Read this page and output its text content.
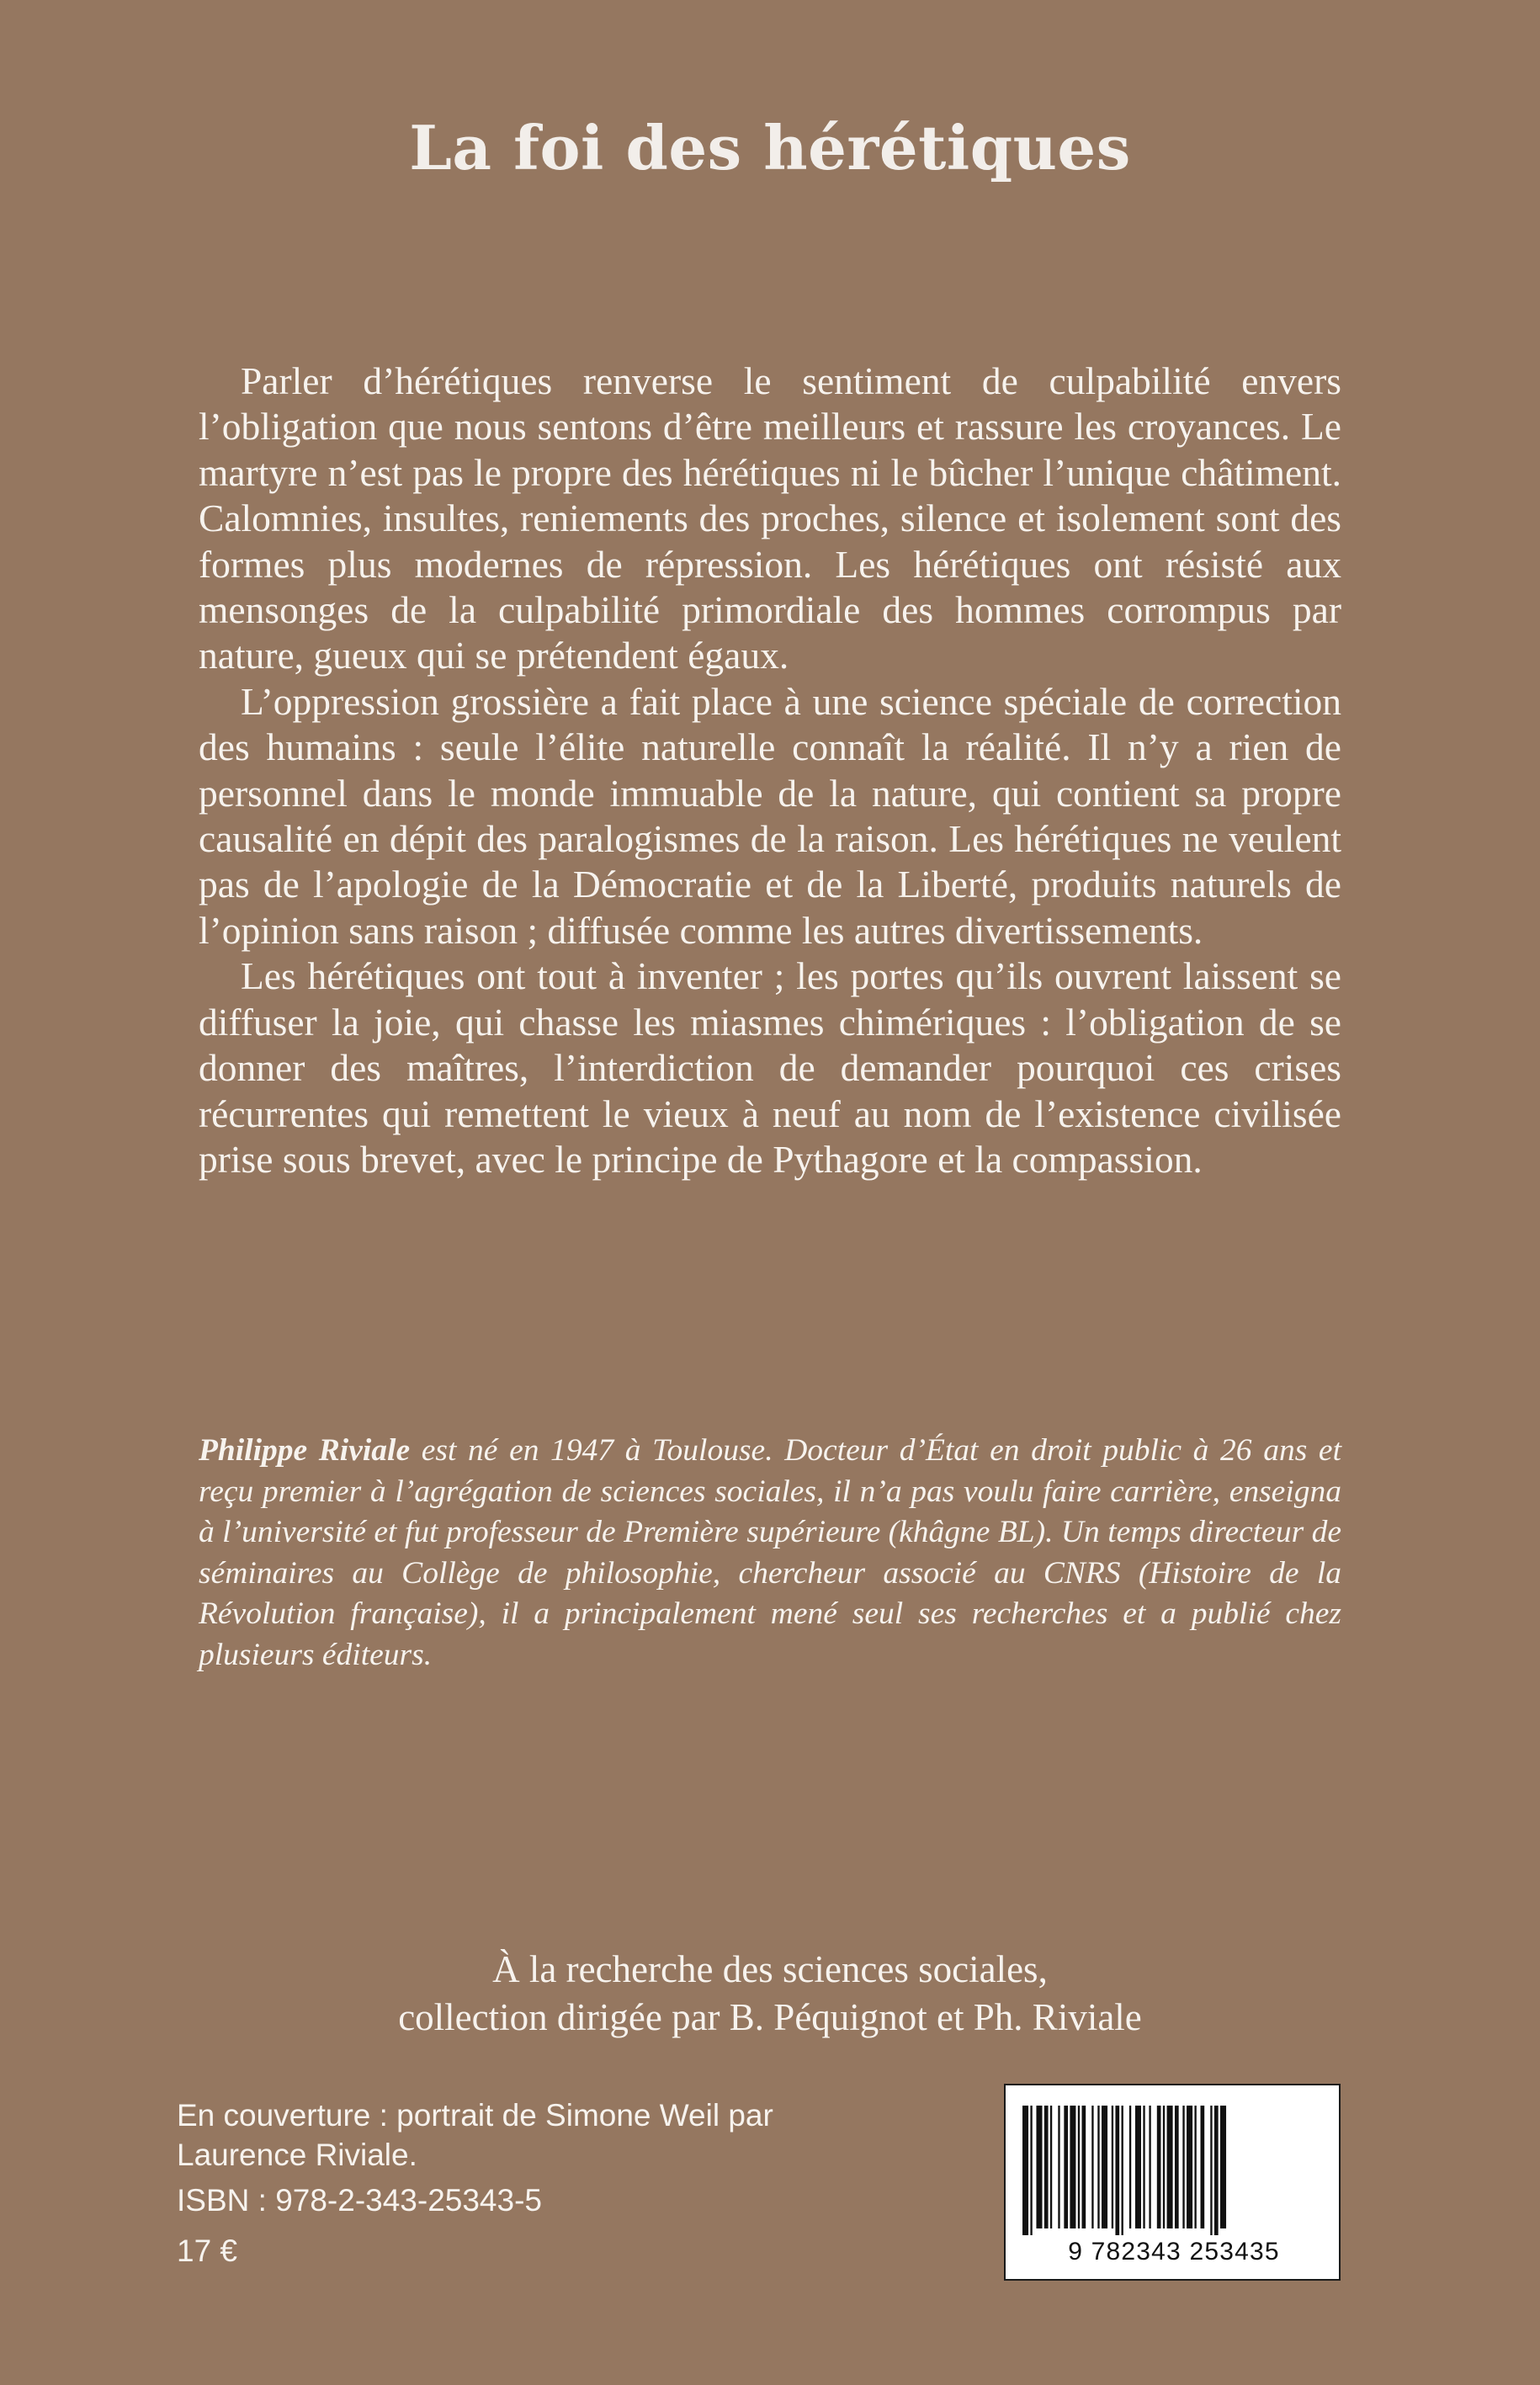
La foi des hérétiques

Parler d’hérétiques renverse le sentiment de culpabilité envers l’obligation que nous sentons d’être meilleurs et rassure les croyances. Le martyre n’est pas le propre des hérétiques ni le bûcher l’unique châtiment. Calomnies, insultes, reniements des proches, silence et isolement sont des formes plus modernes de répression. Les hérétiques ont résisté aux mensonges de la culpabilité primordiale des hommes corrompus par nature, gueux qui se prétendent égaux.

L’oppression grossière a fait place à une science spéciale de correction des humains : seule l’élite naturelle connaît la réalité. Il n’y a rien de personnel dans le monde immuable de la nature, qui contient sa propre causalité en dépit des paralogismes de la raison. Les hérétiques ne veulent pas de l’apologie de la Démocratie et de la Liberté, produits naturels de l’opinion sans raison ; diffusée comme les autres divertissements.

Les hérétiques ont tout à inventer ; les portes qu’ils ouvrent laissent se diffuser la joie, qui chasse les miasmes chimériques : l’obligation de se donner des maîtres, l’interdiction de demander pourquoi ces crises récurrentes qui remettent le vieux à neuf au nom de l’existence civilisée prise sous brevet, avec le principe de Pythagore et la compassion.

Philippe Riviale est né en 1947 à Toulouse. Docteur d’État en droit public à 26 ans et reçu premier à l’agrégation de sciences sociales, il n’a pas voulu faire carrière, enseigna à l’université et fut professeur de Première supérieure (khâgne BL). Un temps directeur de séminaires au Collège de philosophie, chercheur associé au CNRS (Histoire de la Révolution française), il a principalement mené seul ses recherches et a publié chez plusieurs éditeurs.

À la recherche des sciences sociales,
collection dirigée par B. Péquignot et Ph. Riviale
En couverture : portrait de Simone Weil par
Laurence Riviale.
ISBN : 978-2-343-25343-5
17 €	9 782343 253435
